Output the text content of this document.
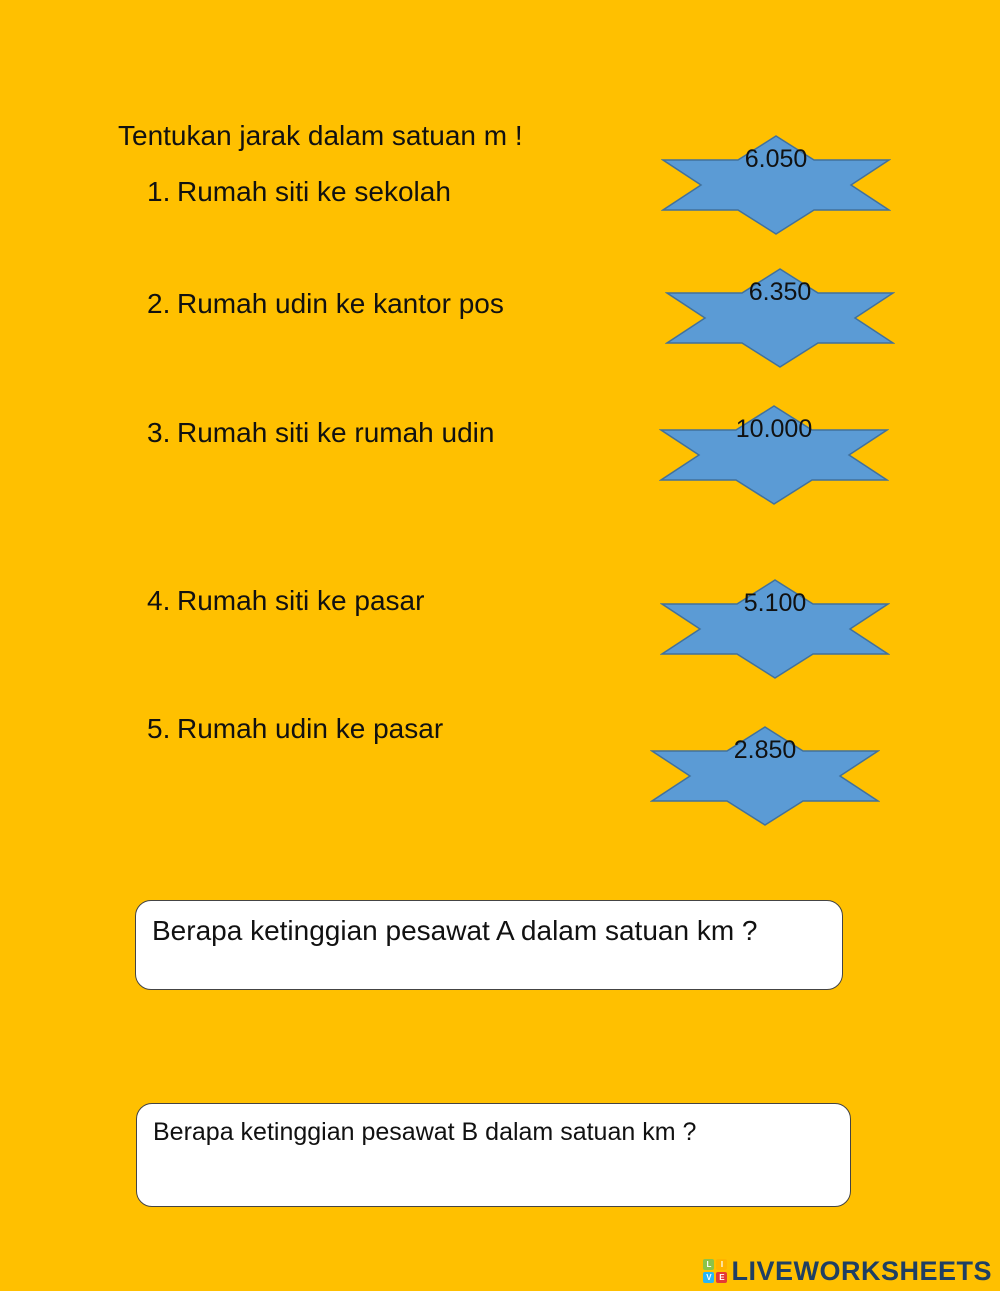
Tentukan jarak dalam satuan m !
1. Rumah siti ke sekolah
6.050
2. Rumah udin ke kantor pos	6.350
3. Rumah siti ke rumah udin	10.000
4. Rumah siti ke pasar	5.100
5. Rumah udin ke pasar
2.850
Berapa ketinggian pesawat A dalam satuan km ?
Berapa ketinggian pesawat B dalam satuan km ?
L	I
V E LIVEWORKSHEETS
